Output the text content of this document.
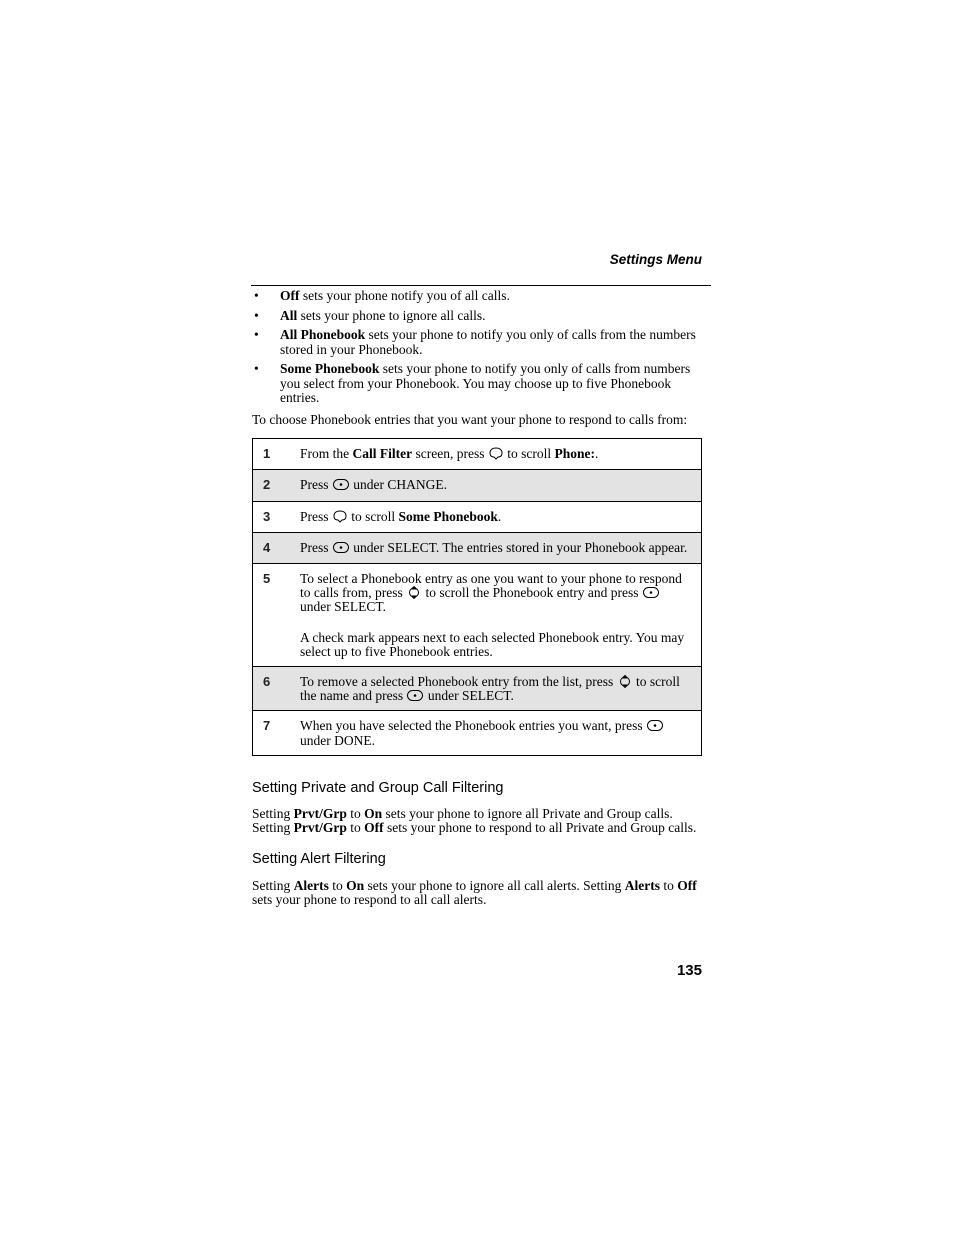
Settings Menu
• Off sets your phone notify you of all calls.
• All sets your phone to ignore all calls.
• All Phonebook sets your phone to notify you only of calls from the numbers stored in your Phonebook.
• Some Phonebook sets your phone to notify you only of calls from numbers you select from your Phonebook. You may choose up to five Phonebook entries.

To choose Phonebook entries that you want your phone to respond to calls from:

1	From the Call Filter screen, press  to scroll Phone:.
2	Press  under CHANGE.
3	Press  to scroll Some Phonebook.
4	Press  under SELECT. The entries stored in your Phonebook appear.
5	To select a Phonebook entry as one you want to your phone to respond to calls from, press  to scroll the Phonebook entry and press  under SELECT.
A check mark appears next to each selected Phonebook entry. You may select up to five Phonebook entries.

6	To remove a selected Phonebook entry from the list, press  to scroll the name and press  under SELECT.
7	When you have selected the Phonebook entries you want, press  under DONE.
Setting Private and Group Call Filtering

Setting Prvt/Grp to On sets your phone to ignore all Private and Group calls. Setting Prvt/Grp to Off sets your phone to respond to all Private and Group calls.

Setting Alert Filtering

Setting Alerts to On sets your phone to ignore all call alerts. Setting Alerts to Off sets your phone to respond to all call alerts.

135
